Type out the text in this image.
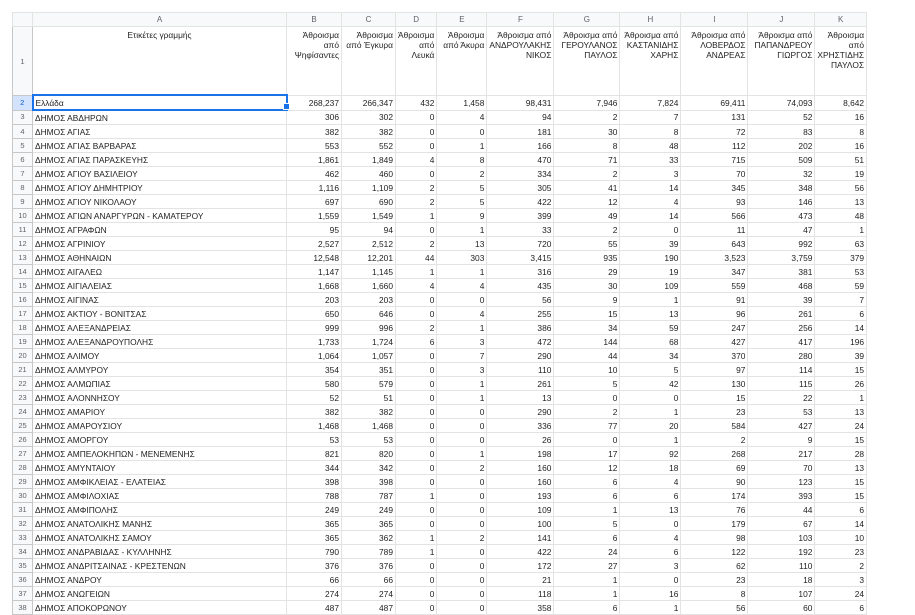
	A	B	C	D	E	F	G	H	I	J	K
1	Ετικέτες γραμμής	Άθροισμα από Ψηφίσαντες	Άθροισμα από Έγκυρα	Άθροισμα από Λευκά	Άθροισμα από Άκυρα	Άθροισμα από ΑΝΔΡΟΥΛΑΚΗΣ ΝΙΚΟΣ	Άθροισμα από ΓΕΡΟΥΛΑΝΟΣ ΠΑΥΛΟΣ	Άθροισμα από ΚΑΣΤΑΝΙΔΗΣ ΧΑΡΗΣ	Άθροισμα από ΛΟΒΕΡΔΟΣ ΑΝΔΡΕΑΣ	Άθροισμα από ΠΑΠΑΝΔΡΕΟΥ ΓΙΩΡΓΟΣ	Άθροισμα από ΧΡΗΣΤΙΔΗΣ ΠΑΥΛΟΣ
2	Ελλάδα	268,237	266,347	432	1,458	98,431	7,946	7,824	69,411	74,093	8,642
3	ΔΗΜΟΣ ΑΒΔΗΡΩΝ	306	302	0	4	94	2	7	131	52	16
4	ΔΗΜΟΣ ΑΓΙΑΣ	382	382	0	0	181	30	8	72	83	8
5	ΔΗΜΟΣ ΑΓΙΑΣ ΒΑΡΒΑΡΑΣ	553	552	0	1	166	8	48	112	202	16
6	ΔΗΜΟΣ ΑΓΙΑΣ ΠΑΡΑΣΚΕΥΗΣ	1,861	1,849	4	8	470	71	33	715	509	51
7	ΔΗΜΟΣ ΑΓΙΟΥ ΒΑΣΙΛΕΙΟΥ	462	460	0	2	334	2	3	70	32	19
8	ΔΗΜΟΣ ΑΓΙΟΥ ΔΗΜΗΤΡΙΟΥ	1,116	1,109	2	5	305	41	14	345	348	56
9	ΔΗΜΟΣ ΑΓΙΟΥ ΝΙΚΟΛΑΟΥ	697	690	2	5	422	12	4	93	146	13
10	ΔΗΜΟΣ ΑΓΙΩΝ ΑΝΑΡΓΥΡΩΝ - ΚΑΜΑΤΕΡΟΥ	1,559	1,549	1	9	399	49	14	566	473	48
11	ΔΗΜΟΣ ΑΓΡΑΦΩΝ	95	94	0	1	33	2	0	11	47	1
12	ΔΗΜΟΣ ΑΓΡΙΝΙΟΥ	2,527	2,512	2	13	720	55	39	643	992	63
13	ΔΗΜΟΣ ΑΘΗΝΑΙΩΝ	12,548	12,201	44	303	3,415	935	190	3,523	3,759	379
14	ΔΗΜΟΣ ΑΙΓΑΛΕΩ	1,147	1,145	1	1	316	29	19	347	381	53
15	ΔΗΜΟΣ ΑΙΓΙΑΛΕΙΑΣ	1,668	1,660	4	4	435	30	109	559	468	59
16	ΔΗΜΟΣ ΑΙΓΙΝΑΣ	203	203	0	0	56	9	1	91	39	7
17	ΔΗΜΟΣ ΑΚΤΙΟΥ - ΒΟΝΙΤΣΑΣ	650	646	0	4	255	15	13	96	261	6
18	ΔΗΜΟΣ ΑΛΕΞΑΝΔΡΕΙΑΣ	999	996	2	1	386	34	59	247	256	14
19	ΔΗΜΟΣ ΑΛΕΞΑΝΔΡΟΥΠΟΛΗΣ	1,733	1,724	6	3	472	144	68	427	417	196
20	ΔΗΜΟΣ ΑΛΙΜΟΥ	1,064	1,057	0	7	290	44	34	370	280	39
21	ΔΗΜΟΣ ΑΛΜΥΡΟΥ	354	351	0	3	110	10	5	97	114	15
22	ΔΗΜΟΣ ΑΛΜΩΠΙΑΣ	580	579	0	1	261	5	42	130	115	26
23	ΔΗΜΟΣ ΑΛΟΝΝΗΣΟΥ	52	51	0	1	13	0	0	15	22	1
24	ΔΗΜΟΣ ΑΜΑΡΙΟΥ	382	382	0	0	290	2	1	23	53	13
25	ΔΗΜΟΣ ΑΜΑΡΟΥΣΙΟΥ	1,468	1,468	0	0	336	77	20	584	427	24
26	ΔΗΜΟΣ ΑΜΟΡΓΟΥ	53	53	0	0	26	0	1	2	9	15
27	ΔΗΜΟΣ ΑΜΠΕΛΟΚΗΠΩΝ - ΜΕΝΕΜΕΝΗΣ	821	820	0	1	198	17	92	268	217	28
28	ΔΗΜΟΣ ΑΜΥΝΤΑΙΟΥ	344	342	0	2	160	12	18	69	70	13
29	ΔΗΜΟΣ ΑΜΦΙΚΛΕΙΑΣ - ΕΛΑΤΕΙΑΣ	398	398	0	0	160	6	4	90	123	15
30	ΔΗΜΟΣ ΑΜΦΙΛΟΧΙΑΣ	788	787	1	0	193	6	6	174	393	15
31	ΔΗΜΟΣ ΑΜΦΙΠΟΛΗΣ	249	249	0	0	109	1	13	76	44	6
32	ΔΗΜΟΣ ΑΝΑΤΟΛΙΚΗΣ ΜΑΝΗΣ	365	365	0	0	100	5	0	179	67	14
33	ΔΗΜΟΣ ΑΝΑΤΟΛΙΚΗΣ ΣΑΜΟΥ	365	362	1	2	141	6	4	98	103	10
34	ΔΗΜΟΣ ΑΝΔΡΑΒΙΔΑΣ - ΚΥΛΛΗΝΗΣ	790	789	1	0	422	24	6	122	192	23
35	ΔΗΜΟΣ ΑΝΔΡΙΤΣΑΙΝΑΣ - ΚΡΕΣΤΕΝΩΝ	376	376	0	0	172	27	3	62	110	2
36	ΔΗΜΟΣ ΑΝΔΡΟΥ	66	66	0	0	21	1	0	23	18	3
37	ΔΗΜΟΣ ΑΝΩΓΕΙΩΝ	274	274	0	0	118	1	16	8	107	24
38	ΔΗΜΟΣ ΑΠΟΚΟΡΩΝΟΥ	487	487	0	0	358	6	1	56	60	6
